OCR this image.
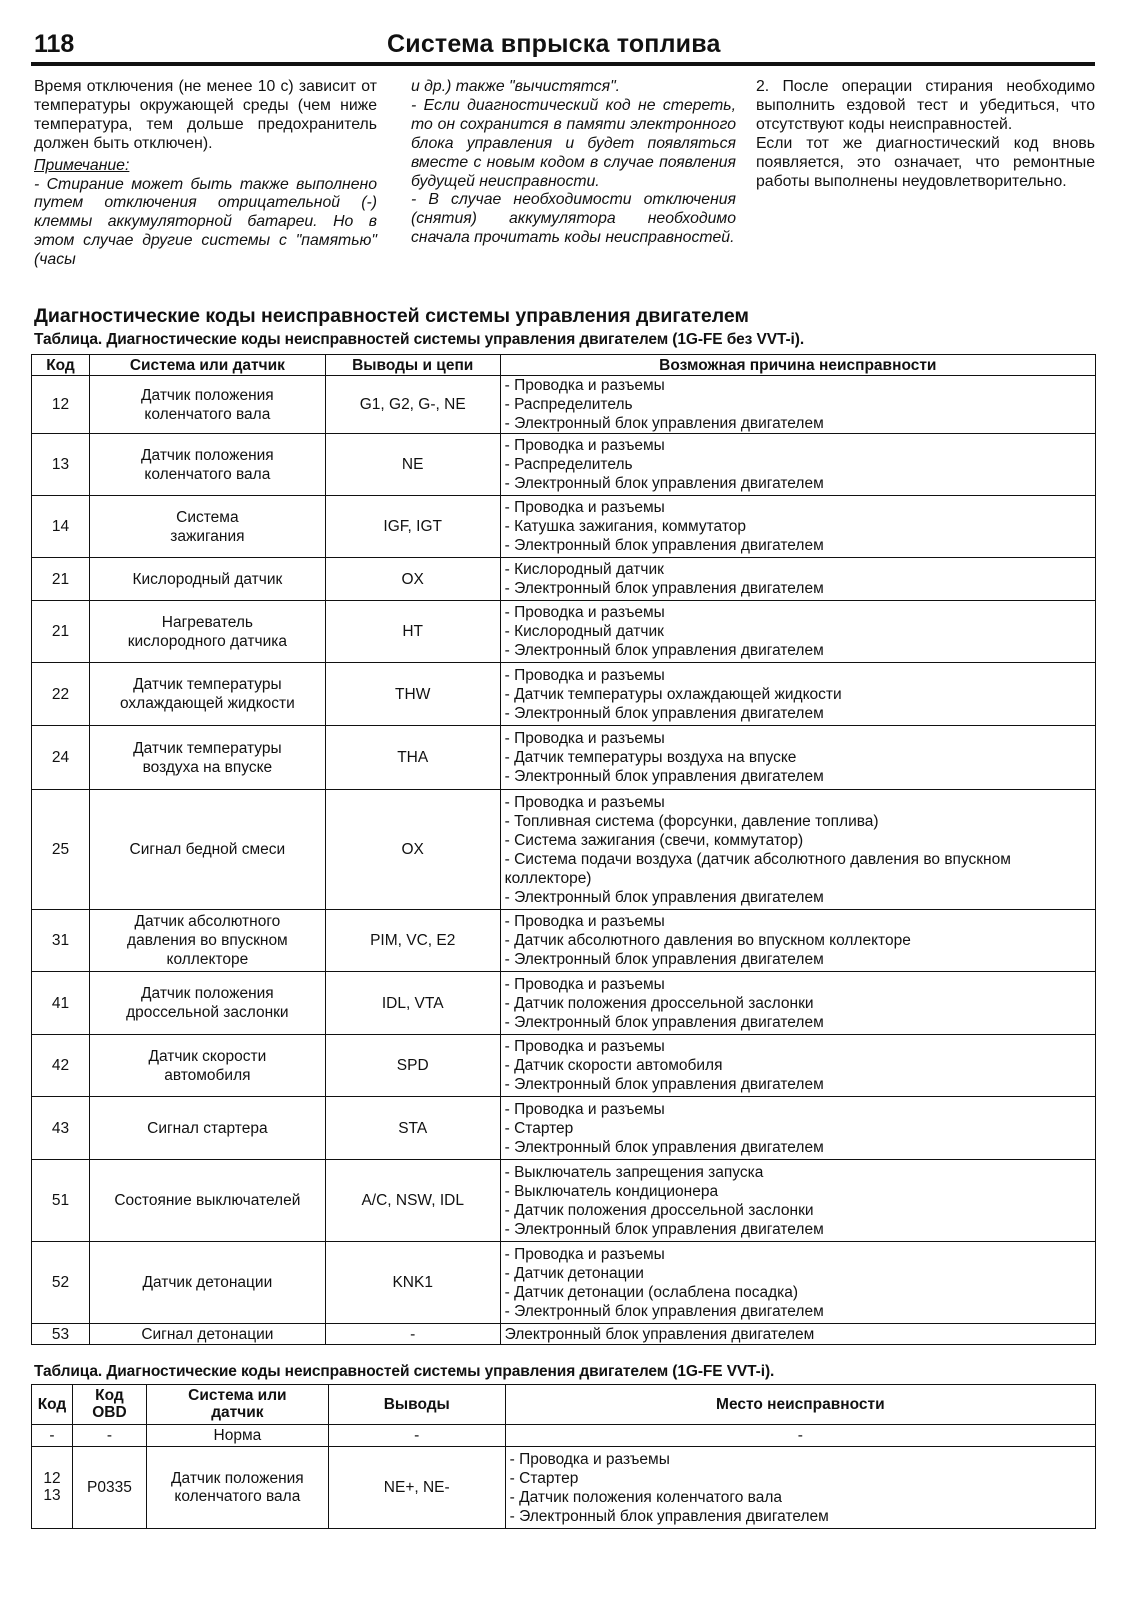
118	Система впрыска топлива

Время отключения (не менее 10 с) зависит от температуры окружающей среды (чем ниже температура, тем дольше предохранитель должен быть отключен).

Примечание:

- Стирание может быть также выполнено путем отключения отрицательной (-) клеммы аккумуляторной батареи. Но в этом случае другие системы с "памятью" (часы

и др.) также "вычистятся".

- Если диагностический код не стереть, то он сохранится в памяти электронного блока управления и будет появляться вместе с новым кодом в случае появления будущей неисправности.

- В случае необходимости отключения (снятия) аккумулятора необходимо сначала прочитать коды неисправностей.

2. После операции стирания необходимо выполнить ездовой тест и убедиться, что отсутствуют коды неисправностей.

Если тот же диагностический код вновь появляется, это означает, что ремонтные работы выполнены неудовлетворительно.

Диагностические коды неисправностей системы управления двигателем
Таблица. Диагностические коды неисправностей системы управления двигателем (1G-FE без VVT-i).
Код	Система или датчик	Выводы и цепи	Возможная причина неисправности
12	Датчик положения коленчатого вала	G1, G2, G-, NE	
- Проводка и разъемы
- Распределитель
- Электронный блок управления двигателем

13	Датчик положения коленчатого вала	NE	
- Проводка и разъемы
- Распределитель
- Электронный блок управления двигателем

14	Система зажигания	IGF, IGT	
- Проводка и разъемы
- Катушка зажигания, коммутатор
- Электронный блок управления двигателем

21	Кислородный датчик	OX	
- Кислородный датчик
- Электронный блок управления двигателем

21	Нагреватель кислородного датчика	HT	
- Проводка и разъемы
- Кислородный датчик
- Электронный блок управления двигателем

22	Датчик температуры охлаждающей жидкости	THW	
- Проводка и разъемы
- Датчик температуры охлаждающей жидкости
- Электронный блок управления двигателем

24	Датчик температуры воздуха на впуске	THA	
- Проводка и разъемы
- Датчик температуры воздуха на впуске
- Электронный блок управления двигателем

25	Сигнал бедной смеси	OX	
- Проводка и разъемы
- Топливная система (форсунки, давление топлива)
- Система зажигания (свечи, коммутатор)
- Система подачи воздуха (датчик абсолютного давления во впускном коллекторе)
- Электронный блок управления двигателем

31	Датчик абсолютного давления во впускном коллекторе	PIM, VC, E2	
- Проводка и разъемы
- Датчик абсолютного давления во впускном коллекторе
- Электронный блок управления двигателем

41	Датчик положения дроссельной заслонки	IDL, VTA	
- Проводка и разъемы
- Датчик положения дроссельной заслонки
- Электронный блок управления двигателем

42	Датчик скорости автомобиля	SPD	
- Проводка и разъемы
- Датчик скорости автомобиля
- Электронный блок управления двигателем

43	Сигнал стартера	STA	
- Проводка и разъемы
- Стартер
- Электронный блок управления двигателем

51	Состояние выключателей	A/C, NSW, IDL	
- Выключатель запрещения запуска
- Выключатель кондиционера
- Датчик положения дроссельной заслонки
- Электронный блок управления двигателем

52	Датчик детонации	KNK1	
- Проводка и разъемы
- Датчик детонации
- Датчик детонации (ослаблена посадка)
- Электронный блок управления двигателем

53	Сигнал детонации	-	Электронный блок управления двигателем
Таблица. Диагностические коды неисправностей системы управления двигателем (1G-FE VVT-i).
Код	Код OBD	Система или датчик	Выводы	Место неисправности
-	-	Норма	-	-

12 13	P0335	Датчик положения коленчатого вала	NE+, NE-	
- Проводка и разъемы
- Стартер
- Датчик положения коленчатого вала
- Электронный блок управления двигателем
